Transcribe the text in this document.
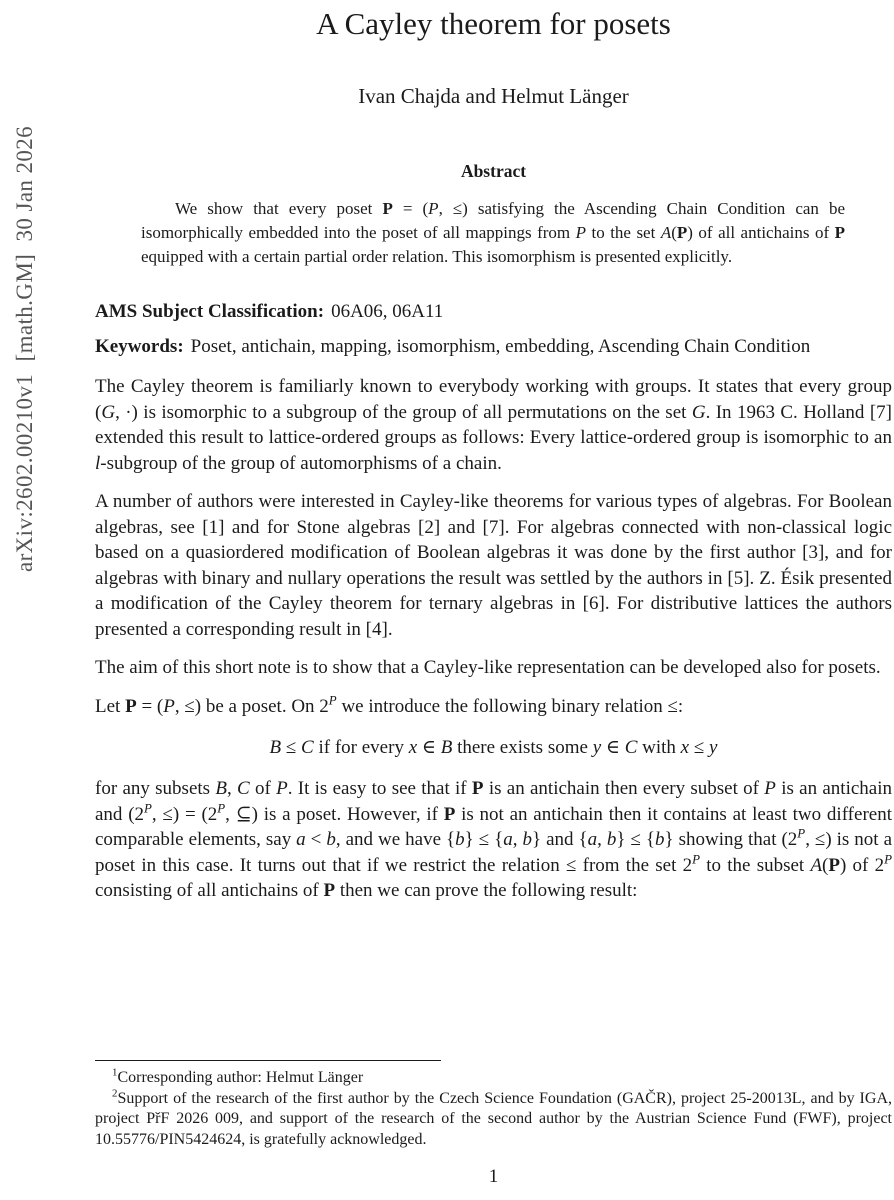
arXiv:2602.00210v1  [math.GM]  30 Jan 2026
A Cayley theorem for posets
Ivan Chajda and Helmut Länger
Abstract

We show that every poset P = (P, ≤) satisfying the Ascending Chain Condition can be isomorphically embedded into the poset of all mappings from P to the set A(P) of all antichains of P equipped with a certain partial order relation. This isomorphism is presented explicitly.

AMS Subject Classification: 06A06, 06A11

Keywords: Poset, antichain, mapping, isomorphism, embedding, Ascending Chain Condition

The Cayley theorem is familiarly known to everybody working with groups. It states that every group (G, ·) is isomorphic to a subgroup of the group of all permutations on the set G. In 1963 C. Holland [7] extended this result to lattice-ordered groups as follows: Every lattice-ordered group is isomorphic to an l-subgroup of the group of automorphisms of a chain.

A number of authors were interested in Cayley-like theorems for various types of algebras. For Boolean algebras, see [1] and for Stone algebras [2] and [7]. For algebras connected with non-classical logic based on a quasiordered modification of Boolean algebras it was done by the first author [3], and for algebras with binary and nullary operations the result was settled by the authors in [5]. Z. Ésik presented a modification of the Cayley theorem for ternary algebras in [6]. For distributive lattices the authors presented a corresponding result in [4].

The aim of this short note is to show that a Cayley-like representation can be developed also for posets.

Let P = (P, ≤) be a poset. On $2^P$ we introduce the following binary relation ≤:

B ≤ C if for every x ∈ B there exists some y ∈ C with x ≤ y

for any subsets B, C of P. It is easy to see that if P is an antichain then every subset of P is an antichain and ($2^P$, ≤) = ($2^P$, ⊆) is a poset. However, if P is not an antichain then it contains at least two different comparable elements, say a < b, and we have {b} ≤ {a, b} and {a, b} ≤ {b} showing that ($2^P$, ≤) is not a poset in this case. It turns out that if we restrict the relation ≤ from the set $2^P$ to the subset A(P) of $2^P$ consisting of all antichains of P then we can prove the following result:

$^1$Corresponding author: Helmut Länger

$^2$Support of the research of the first author by the Czech Science Foundation (GAČR), project 25-20013L, and by IGA, project PřF 2026 009, and support of the research of the second author by the Austrian Science Fund (FWF), project 10.55776/PIN5424624, is gratefully acknowledged.

1
